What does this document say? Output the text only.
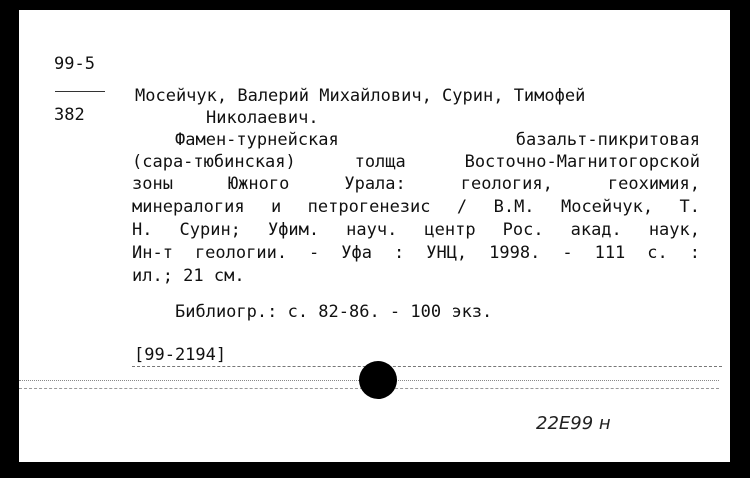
99-5
382
Мосейчук, Валерий Михайлович, Сурин, Тимофей
Николаевич.
Фамен-турнейская базальт-пикритовая
(сара-тюбинская) толща Восточно-Магнитогорской
зоны Южного Урала: геология, геохимия,
минералогия и петрогенезис / В.М. Мосейчук, Т.
Н. Сурин; Уфим. науч. центр Рос. акад. наук,
Ин-т геологии. - Уфа : УНЦ, 1998. - 111 с. :
ил.; 21 см.
Библиогр.: с. 82-86. - 100 экз.
[99-2194]
22Е99 н
